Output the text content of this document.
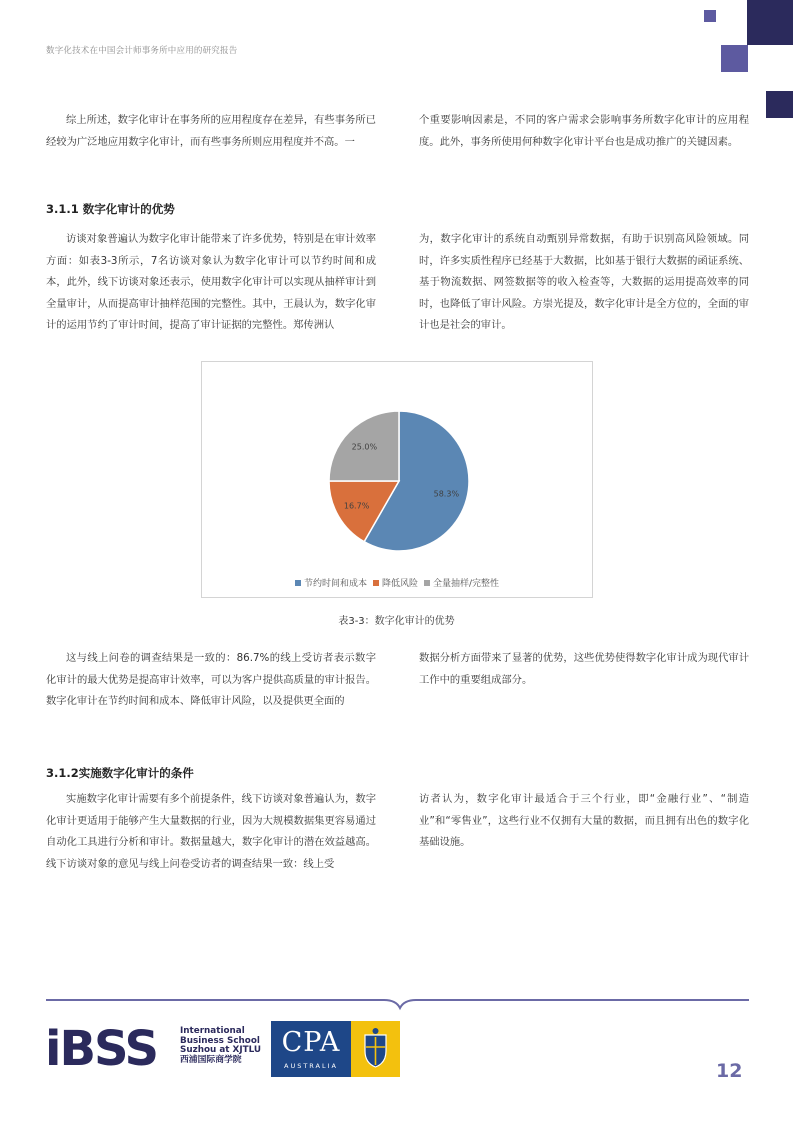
数字化技术在中国会计师事务所中应用的研究报告

综上所述，数字化审计在事务所的应用程度存在差异，有些事务所已经较为广泛地应用数字化审计，而有些事务所则应用程度并不高。一

个重要影响因素是，不同的客户需求会影响事务所数字化审计的应用程度。此外，事务所使用何种数字化审计平台也是成功推广的关键因素。

3.1.1 数字化审计的优势

访谈对象普遍认为数字化审计能带来了许多优势，特别是在审计效率方面：如表3-3所示，7名访谈对象认为数字化审计可以节约时间和成本，此外，线下访谈对象还表示，使用数字化审计可以实现从抽样审计到全量审计，从而提高审计抽样范围的完整性。其中，王晨认为，数字化审计的运用节约了审计时间，提高了审计证据的完整性。郑传洲认

为，数字化审计的系统自动甄别异常数据，有助于识别高风险领域。同时，许多实质性程序已经基于大数据，比如基于银行大数据的函证系统、基于物流数据、网签数据等的收入检查等，大数据的运用提高效率的同时，也降低了审计风险。方崇光提及，数字化审计是全方位的，全面的审计也是社会的审计。

58.3%
16.7%
25.0%
节约时间和成本 降低风险 全量抽样/完整性
表3-3：数字化审计的优势

这与线上问卷的调查结果是一致的：86.7%的线上受访者表示数字化审计的最大优势是提高审计效率，可以为客户提供高质量的审计报告。数字化审计在节约时间和成本、降低审计风险，以及提供更全面的

数据分析方面带来了显著的优势，这些优势使得数字化审计成为现代审计工作中的重要组成部分。

3.1.2实施数字化审计的条件

实施数字化审计需要有多个前提条件，线下访谈对象普遍认为，数字化审计更适用于能够产生大量数据的行业，因为大规模数据集更容易通过自动化工具进行分析和审计。数据量越大，数字化审计的潜在效益越高。线下访谈对象的意见与线上问卷受访者的调查结果一致：线上受

访者认为，数字化审计最适合于三个行业，即“金融行业”、“制造业”和“零售业”，这些行业不仅拥有大量的数据，而且拥有出色的数字化基础设施。

iBSS	International
Business School
Suzhou at XJTLU
西浦国际商学院
CPA
AUSTRALIA	12
